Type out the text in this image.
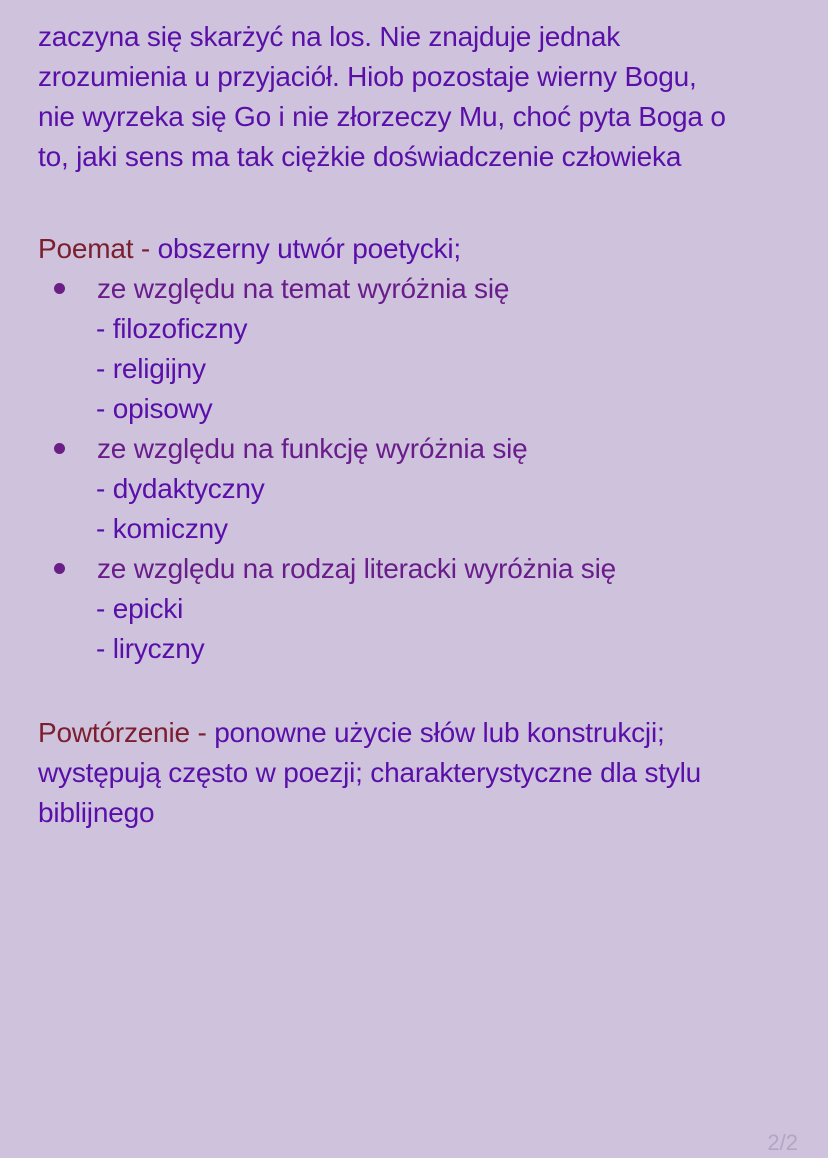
zaczyna się skarżyć na los. Nie znajduje jednak
zrozumienia u przyjaciół. Hiob pozostaje wierny Bogu,
nie wyrzeka się Go i nie złorzeczy Mu, choć pyta Boga o
to, jaki sens ma tak ciężkie doświadczenie człowieka
Poemat - obszerny utwór poetycki;
ze względu na temat wyróżnia się
- filozoficzny
- religijny
- opisowy
ze względu na funkcję wyróżnia się
- dydaktyczny
- komiczny
ze względu na rodzaj literacki wyróżnia się
- epicki
- liryczny
Powtórzenie - ponowne użycie słów lub konstrukcji;
występują często w poezji; charakterystyczne dla stylu
biblijnego
2/2
